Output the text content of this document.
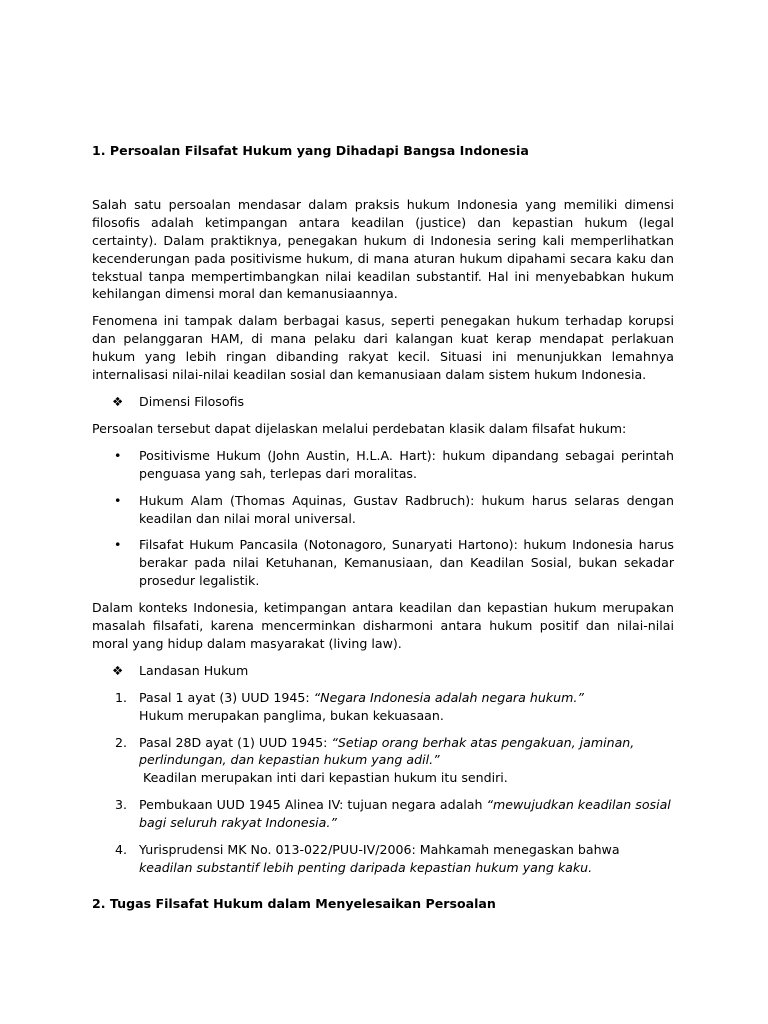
1. Persoalan Filsafat Hukum yang Dihadapi Bangsa Indonesia

Salah satu persoalan mendasar dalam praksis hukum Indonesia yang memiliki dimensi filosofis adalah ketimpangan antara keadilan (justice) dan kepastian hukum (legal certainty). Dalam praktiknya, penegakan hukum di Indonesia sering kali memperlihatkan kecenderungan pada positivisme hukum, di mana aturan hukum dipahami secara kaku dan tekstual tanpa mempertimbangkan nilai keadilan substantif. Hal ini menyebabkan hukum kehilangan dimensi moral dan kemanusiaannya.

Fenomena ini tampak dalam berbagai kasus, seperti penegakan hukum terhadap korupsi dan pelanggaran HAM, di mana pelaku dari kalangan kuat kerap mendapat perlakuan hukum yang lebih ringan dibanding rakyat kecil. Situasi ini menunjukkan lemahnya internalisasi nilai-nilai keadilan sosial dan kemanusiaan dalam sistem hukum Indonesia.

❖	Dimensi Filosofis

Persoalan tersebut dapat dijelaskan melalui perdebatan klasik dalam filsafat hukum:

•	Positivisme Hukum (John Austin, H.L.A. Hart): hukum dipandang sebagai perintah penguasa yang sah, terlepas dari moralitas.
•	Hukum Alam (Thomas Aquinas, Gustav Radbruch): hukum harus selaras dengan keadilan dan nilai moral universal.
•	Filsafat Hukum Pancasila (Notonagoro, Sunaryati Hartono): hukum Indonesia harus berakar pada nilai Ketuhanan, Kemanusiaan, dan Keadilan Sosial, bukan sekadar prosedur legalistik.

Dalam konteks Indonesia, ketimpangan antara keadilan dan kepastian hukum merupakan masalah filsafati, karena mencerminkan disharmoni antara hukum positif dan nilai-nilai moral yang hidup dalam masyarakat (living law).

❖	Landasan Hukum
1. Pasal 1 ayat (3) UUD 1945: “Negara Indonesia adalah negara hukum.”
Hukum merupakan panglima, bukan kekuasaan.
2. Pasal 28D ayat (1) UUD 1945: “Setiap orang berhak atas pengakuan, jaminan, perlindungan, dan kepastian hukum yang adil.”
Keadilan merupakan inti dari kepastian hukum itu sendiri.
3. Pembukaan UUD 1945 Alinea IV: tujuan negara adalah “mewujudkan keadilan sosial bagi seluruh rakyat Indonesia.”
4. Yurisprudensi MK No. 013-022/PUU-IV/2006: Mahkamah menegaskan bahwa keadilan substantif lebih penting daripada kepastian hukum yang kaku.

2. Tugas Filsafat Hukum dalam Menyelesaikan Persoalan
